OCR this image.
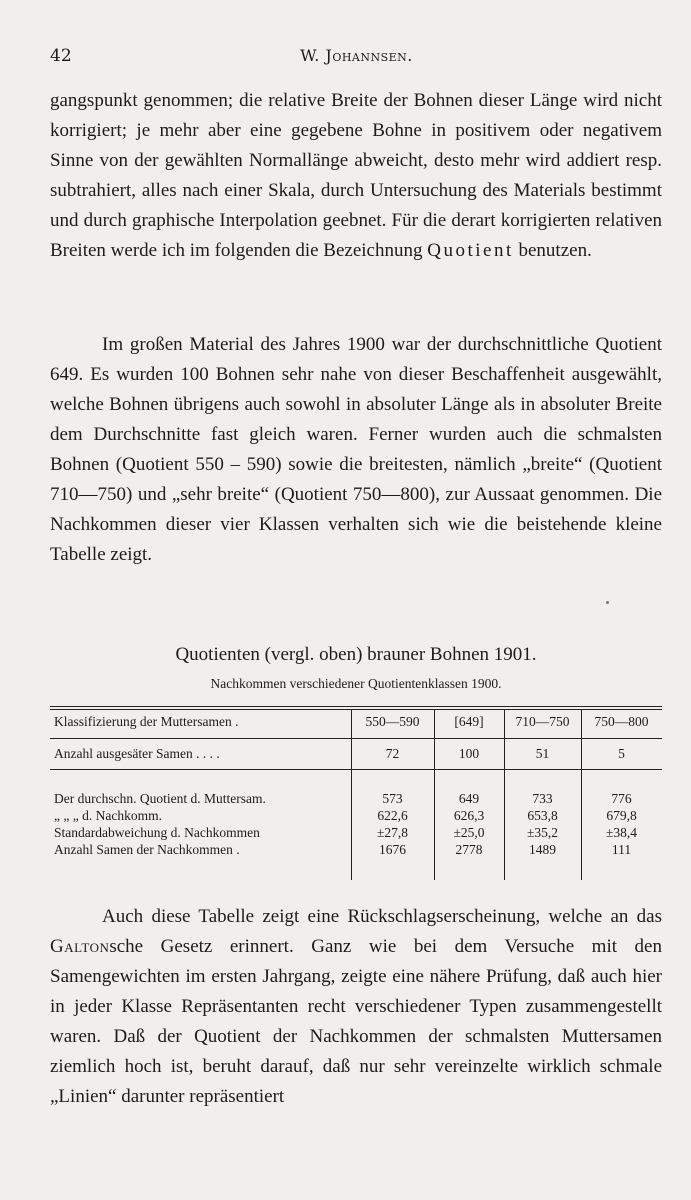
42	W. Johannsen.

gangspunkt genommen; die relative Breite der Bohnen dieser Länge wird nicht korrigiert; je mehr aber eine gegebene Bohne in positivem oder negativem Sinne von der gewählten Normallänge abweicht, desto mehr wird addiert resp. subtrahiert, alles nach einer Skala, durch Untersuchung des Materials bestimmt und durch graphische Interpolation geebnet. Für die derart korrigierten relativen Breiten werde ich im folgenden die Bezeichnung Quotient benutzen.

Im großen Material des Jahres 1900 war der durchschnittliche Quotient 649. Es wurden 100 Bohnen sehr nahe von dieser Beschaffenheit ausgewählt, welche Bohnen übrigens auch sowohl in absoluter Länge als in absoluter Breite dem Durchschnitte fast gleich waren. Ferner wurden auch die schmalsten Bohnen (Quotient 550 – 590) sowie die breitesten, nämlich „breite“ (Quotient 710—750) und „sehr breite“ (Quotient 750—800), zur Aussaat genommen. Die Nachkommen dieser vier Klassen verhalten sich wie die beistehende kleine Tabelle zeigt.

Quotienten (vergl. oben) brauner Bohnen 1901.
Nachkommen verschiedener Quotientenklassen 1900.
Klassifizierung der Muttersamen .	550—590	[649]	710—750	750—800
Anzahl ausgesäter Samen . . . .	72	100	51	5
Der durchschn. Quotient d. Muttersam.	573	649	733	776
„ „ „ d. Nachkomm.	622,6	626,3	653,8	679,8
Standardabweichung d. Nachkommen	±27,8	±25,0	±35,2	±38,4
Anzahl Samen der Nachkommen .	1676	2778	1489	111

Auch diese Tabelle zeigt eine Rückschlagserscheinung, welche an das Galtonsche Gesetz erinnert. Ganz wie bei dem Versuche mit den Samengewichten im ersten Jahrgang, zeigte eine nähere Prüfung, daß auch hier in jeder Klasse Repräsentanten recht verschiedener Typen zusammengestellt waren. Daß der Quotient der Nachkommen der schmalsten Muttersamen ziemlich hoch ist, beruht darauf, daß nur sehr vereinzelte wirklich schmale „Linien“ darunter repräsentiert
